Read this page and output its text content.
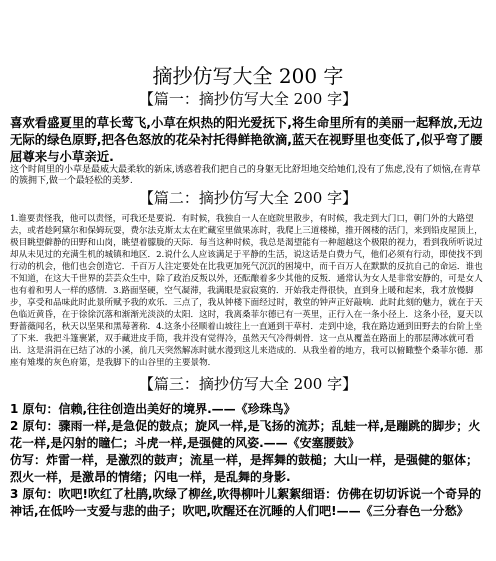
摘抄仿写大全 200 字
【篇一：摘抄仿写大全 200 字】

喜欢看盛夏里的草长莺飞,小草在炽热的阳光爱抚下,将生命里所有的美丽一起释放,无边无际的绿色原野,把各色怒放的花朵衬托得鲜艳欲滴,蓝天在视野里也变低了,似乎弯了腰屈尊来与小草亲近.

这个时间里的小草是最威大最柔软的新床,诱惑着我们把自己的身躯无比舒坦地交给她们,没有了焦虑,没有了烦恼,在青草的簇拥下,做一个最轻松的美梦.

【篇二：摘抄仿写大全 200 字】

1.谁要责怪我，他可以责怪，可我还是要说．有时候，我独自一人在庭院里散步，有时候，我走到大门口，朝门外的大路望去，或者趁阿黛尔和保姆玩耍，费尔法克斯太太在贮藏室里做果冻时，我爬上三道楼梯，推开阁楼的活门，来到铅皮屋顶上，极目眺望僻静的田野和山岗，眺望着朦胧的天际．每当这种时候，我总是渴望能有一种超越这个极限的视力，看到我所听说过却从未见过的充满生机的城镇和地区．2.说什么人应该满足于平静的生活，说这话是白费力气，他们必须有行动，即使找不到行动的机会，他们也会创造它．千百万人注定要处在比我更加死气沉沉的困境中，而千百万人在默默的反抗自己的命运．谁也不知道，在这大千世界的芸芸众生中，除了政治反叛以外，还酝酿着多少其他的反叛．通常认为女人是非常安静的，可是女人也有着和男人一样的感情．3.路面坚硬，空气凝滞，我满眼是寂寂寞的．开始我走得很快，直到身上暖和起来，我才放慢脚步，享受和品味此时此景所赋予我的欢乐．三点了，我从钟楼下面经过时，教堂的钟声正好敲响．此时此刻的魅力，就在于天色临近黄昏，在于徐徐沉落和渐渐光淡淡的太阳．这时，我离桑菲尔德已有一英里，正行入在一条小径上．这条小径，夏天以野蔷薇闻名，秋天以坚果和黑莓著称．4.这条小径顺着山坡往上一直通到干草村．走到中途，我在路边通到田野去的台阶上坐了下来．我把斗篷裹紧，双手藏进皮手筒，我并没有觉得冷，虽然天气冷得刺骨．这一点从覆盖在路面上的那层薄冰就可看出．这是涓涓在已结了冰的小溪，前几天突然解冻时就水漫到这儿来造成的．从我坐着的地方，我可以俯瞰整个桑菲尔德．那座有雉堞的灰色府第，是我脚下的山谷里的主要景物．

【篇三：摘抄仿写大全 200 字】

1 原句：信赖,往往创造出美好的境界.——《珍珠鸟》

2 原句：骤雨一样,是急促的鼓点；旋风一样,是飞扬的流苏；乱蛙一样,是蹦跳的脚步；火花一样,是闪射的瞳仁；斗虎一样,是强健的风姿.——《安塞腰鼓》

仿写：炸雷一样，是激烈的鼓声；流星一样，是挥舞的鼓槌；大山一样，是强健的躯体；烈火一样，是激昂的情绪；闪电一样，是乱舞的身影.

3 原句：吹吧!吹红了杜鹃,吹绿了柳丝,吹得柳叶儿絮絮细语：仿佛在切切诉说一个奇异的神话,在低吟一支爱与悲的曲子；吹吧,吹醒还在沉睡的人们吧!——《三分春色一分愁》
